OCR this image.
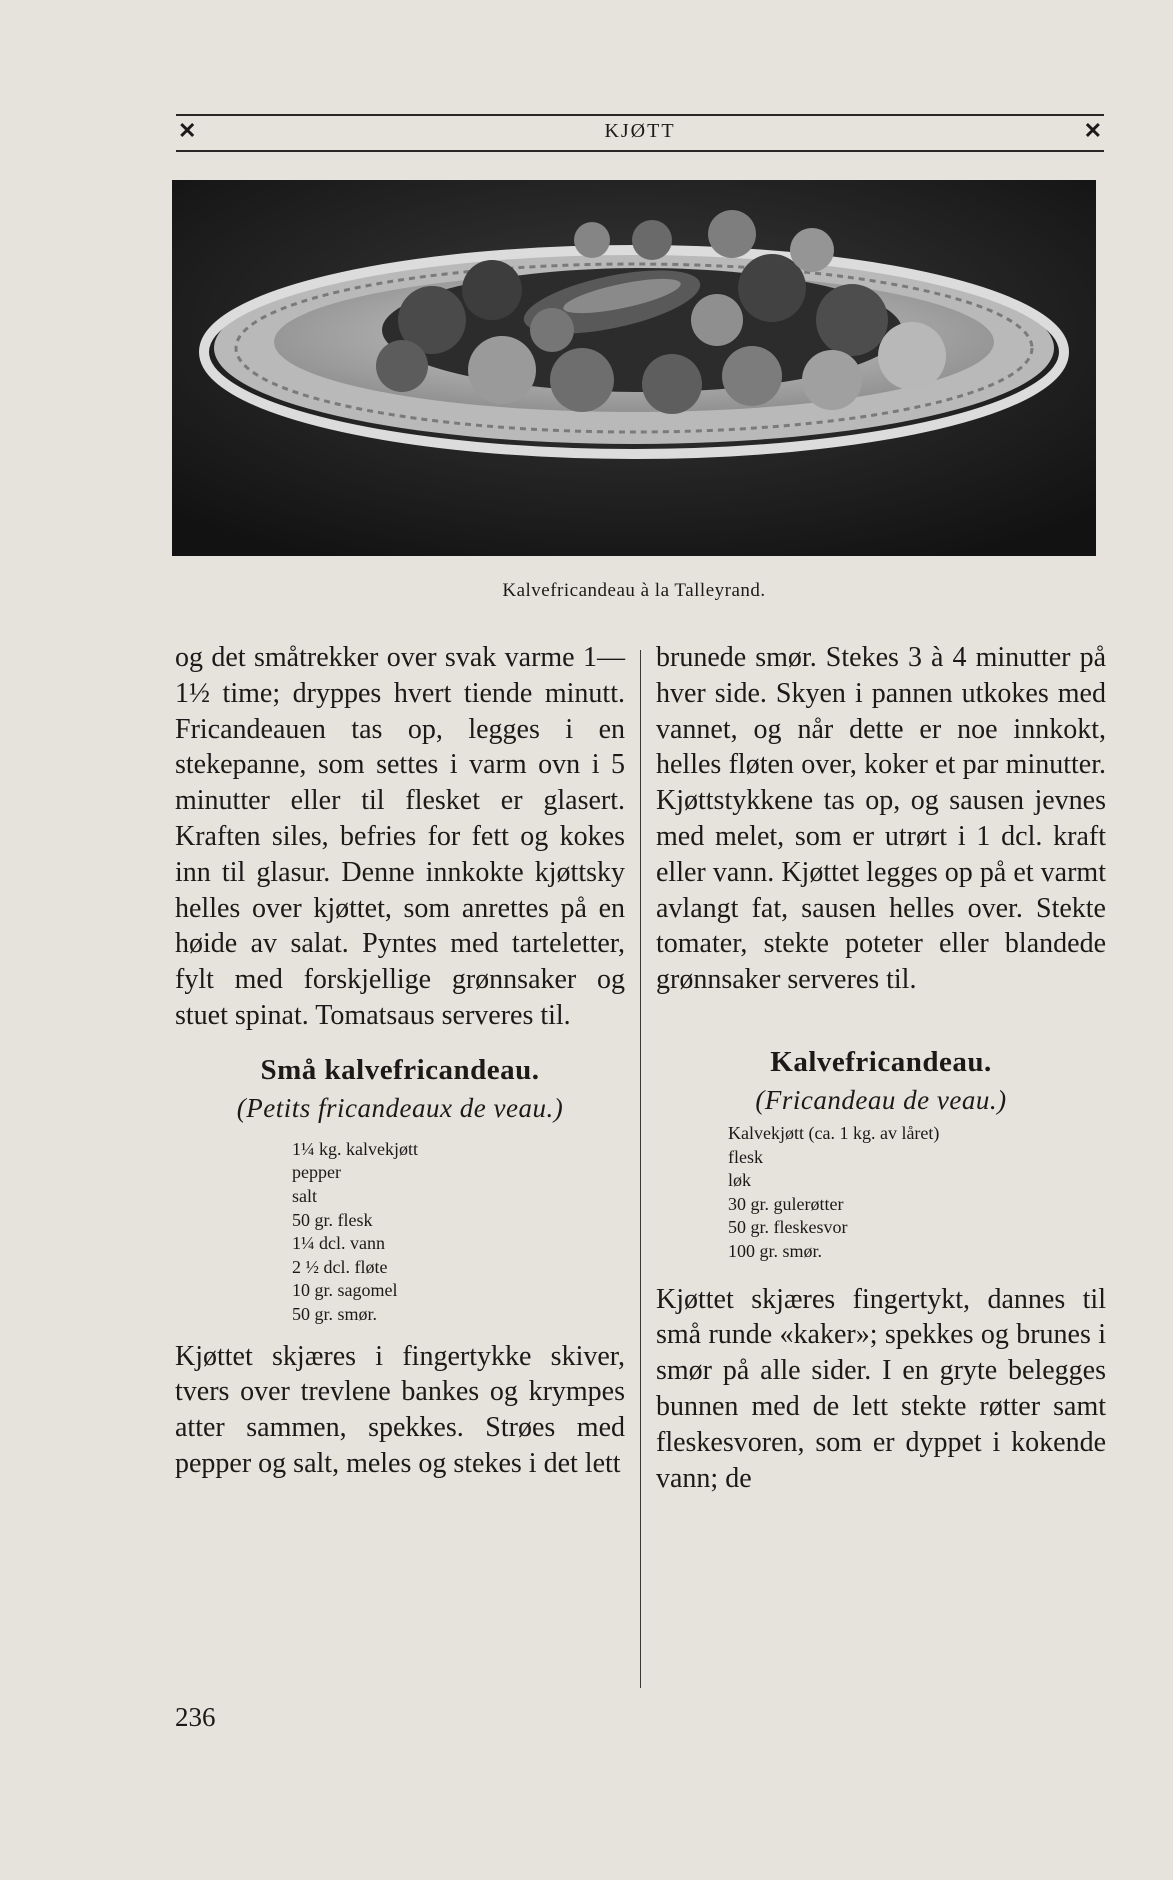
✕	KJØTT	✕
Kalvefricandeau à la Talleyrand.

og det småtrekker over svak varme 1—1½ time; dryppes hvert tiende minutt. Fricandeauen tas op, legges i en stekepanne, som settes i varm ovn i 5 minutter eller til flesket er glasert. Kraften siles, befries for fett og kokes inn til glasur. Denne innkokte kjøttsky helles over kjøttet, som anrettes på en høide av salat. Pyntes med tarteletter, fylt med forskjellige grønnsaker og stuet spinat. Tomatsaus serveres til.

Små kalvefricandeau.

(Petits fricandeaux de veau.)

1¼ kg. kalvekjøtt
pepper
salt
50 gr. flesk
1¼ dcl. vann
2 ½ dcl. fløte
10 gr. sagomel
50 gr. smør.

Kjøttet skjæres i fingertykke skiver, tvers over trevlene bankes og krympes atter sammen, spekkes. Strøes med pepper og salt, meles og stekes i det lett

brunede smør. Stekes 3 à 4 minutter på hver side. Skyen i pannen utkokes med vannet, og når dette er noe innkokt, helles fløten over, koker et par minutter. Kjøttstykkene tas op, og sausen jevnes med melet, som er utrørt i 1 dcl. kraft eller vann. Kjøttet legges op på et varmt avlangt fat, sausen helles over. Stekte tomater, stekte poteter eller blandede grønnsaker serveres til.

Kalvefricandeau.

(Fricandeau de veau.)

Kalvekjøtt (ca. 1 kg. av låret)
flesk
løk
30 gr. gulerøtter
50 gr. fleskesvor
100 gr. smør.

Kjøttet skjæres fingertykt, dannes til små runde «kaker»; spekkes og brunes i smør på alle sider. I en gryte belegges bunnen med de lett stekte røtter samt fleskesvoren, som er dyppet i kokende vann; de

236
